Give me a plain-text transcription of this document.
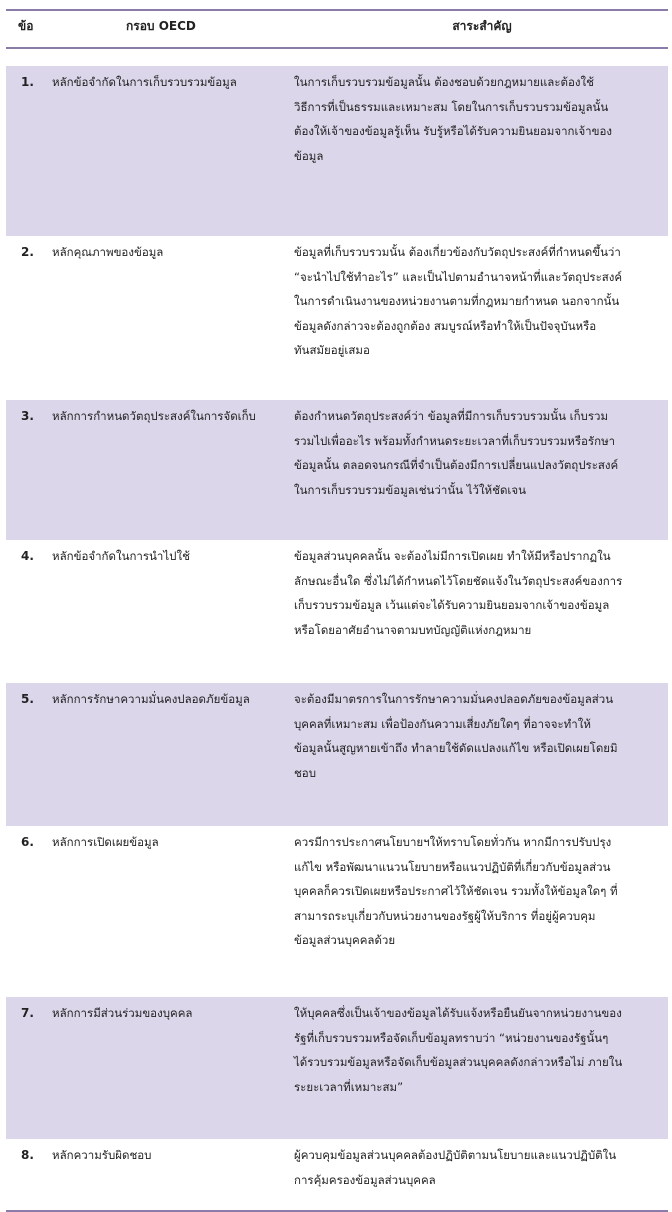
ข้อ	กรอบ OECD	สาระสำคัญ
1. หลักข้อจำกัดในการเก็บรวบรวมข้อมูล	ในการเก็บรวบรวมข้อมูลนั้น ต้องชอบด้วยกฎหมายและต้องใช้
วิธีการที่เป็นธรรมและเหมาะสม โดยในการเก็บรวบรวมข้อมูลนั้น
ต้องให้เจ้าของข้อมูลรู้เห็น รับรู้หรือได้รับความยินยอมจากเจ้าของ
ข้อมูล
2. หลักคุณภาพของข้อมูล	ข้อมูลที่เก็บรวบรวมนั้น ต้องเกี่ยวข้องกับวัตถุประสงค์ที่กำหนดขึ้นว่า
“จะนำไปใช้ทำอะไร” และเป็นไปตามอำนาจหน้าที่และวัตถุประสงค์
ในการดำเนินงานของหน่วยงานตามที่กฎหมายกำหนด นอกจากนั้น
ข้อมูลดังกล่าวจะต้องถูกต้อง สมบูรณ์หรือทำให้เป็นปัจจุบันหรือ
ทันสมัยอยู่เสมอ
3. หลักการกำหนดวัตถุประสงค์ในการจัดเก็บ	ต้องกำหนดวัตถุประสงค์ว่า ข้อมูลที่มีการเก็บรวบรวมนั้น เก็บรวม
รวมไปเพื่ออะไร พร้อมทั้งกำหนดระยะเวลาที่เก็บรวบรวมหรือรักษา
ข้อมูลนั้น ตลอดจนกรณีที่จำเป็นต้องมีการเปลี่ยนแปลงวัตถุประสงค์
ในการเก็บรวบรวมข้อมูลเช่นว่านั้น ไว้ให้ชัดเจน
4. หลักข้อจำกัดในการนำไปใช้	ข้อมูลส่วนบุคคลนั้น จะต้องไม่มีการเปิดเผย ทำให้มีหรือปรากฏใน
ลักษณะอื่นใด ซึ่งไม่ได้กำหนดไว้โดยชัดแจ้งในวัตถุประสงค์ของการ
เก็บรวบรวมข้อมูล เว้นแต่จะได้รับความยินยอมจากเจ้าของข้อมูล
หรือโดยอาศัยอำนาจตามบทบัญญัติแห่งกฎหมาย
5. หลักการรักษาความมั่นคงปลอดภัยข้อมูล	จะต้องมีมาตรการในการรักษาความมั่นคงปลอดภัยของข้อมูลส่วน
บุคคลที่เหมาะสม เพื่อป้องกันความเสี่ยงภัยใดๆ ที่อาจจะทำให้
ข้อมูลนั้นสูญหายเข้าถึง ทำลายใช้ดัดแปลงแก้ไข หรือเปิดเผยโดยมิ
ชอบ
6. หลักการเปิดเผยข้อมูล	ควรมีการประกาศนโยบายฯให้ทราบโดยทั่วกัน หากมีการปรับปรุง
แก้ไข หรือพัฒนาแนวนโยบายหรือแนวปฏิบัติที่เกี่ยวกับข้อมูลส่วน
บุคคลก็ควรเปิดเผยหรือประกาศไว้ให้ชัดเจน รวมทั้งให้ข้อมูลใดๆ ที่
สามารถระบุเกี่ยวกับหน่วยงานของรัฐผู้ให้บริการ ที่อยู่ผู้ควบคุม
ข้อมูลส่วนบุคคลด้วย
7. หลักการมีส่วนร่วมของบุคคล	ให้บุคคลซึ่งเป็นเจ้าของข้อมูลได้รับแจ้งหรือยืนยันจากหน่วยงานของ
รัฐที่เก็บรวบรวมหรือจัดเก็บข้อมูลทราบว่า “หน่วยงานของรัฐนั้นๆ
ได้รวบรวมข้อมูลหรือจัดเก็บข้อมูลส่วนบุคคลดังกล่าวหรือไม่ ภายใน
ระยะเวลาที่เหมาะสม”
8. หลักความรับผิดชอบ	ผู้ควบคุมข้อมูลส่วนบุคคลต้องปฏิบัติตามนโยบายและแนวปฏิบัติใน
การคุ้มครองข้อมูลส่วนบุคคล
